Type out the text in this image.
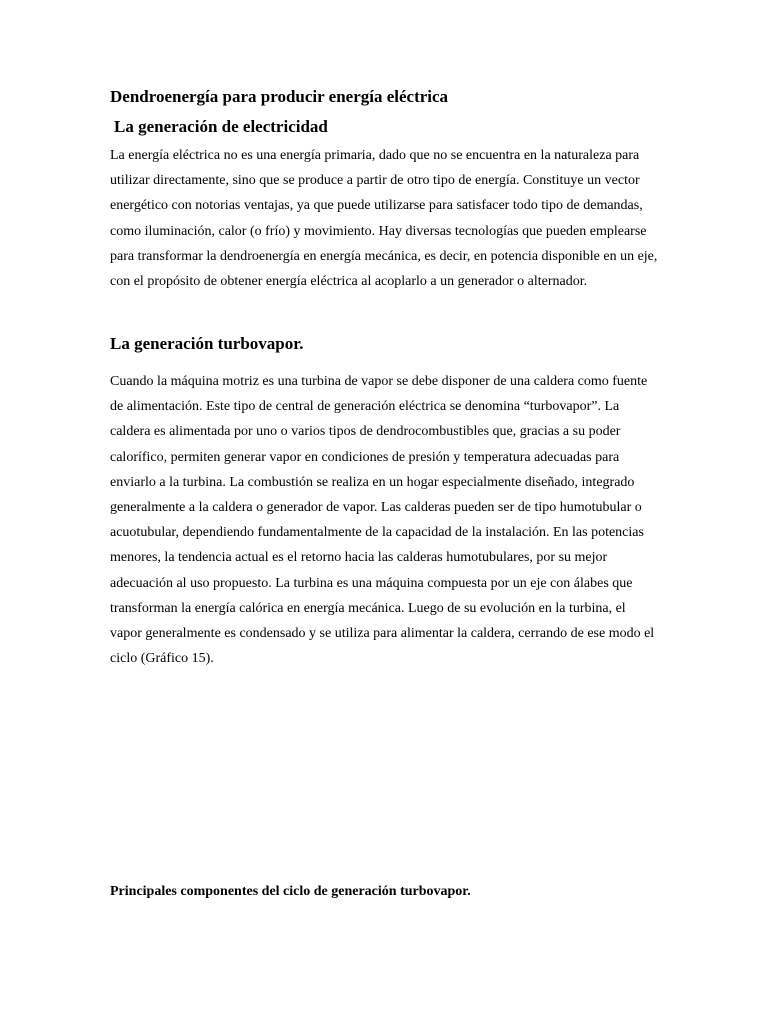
Dendroenergía para producir energía eléctrica
La generación de electricidad

La energía eléctrica no es una energía primaria, dado que no se encuentra en la naturaleza para utilizar directamente, sino que se produce a partir de otro tipo de energía. Constituye un vector energético con notorias ventajas, ya que puede utilizarse para satisfacer todo tipo de demandas, como iluminación, calor (o frío) y movimiento. Hay diversas tecnologías que pueden emplearse para transformar la dendroenergía en energía mecánica, es decir, en potencia disponible en un eje, con el propósito de obtener energía eléctrica al acoplarlo a un generador o alternador.

La generación turbovapor.

Cuando la máquina motriz es una turbina de vapor se debe disponer de una caldera como fuente de alimentación. Este tipo de central de generación eléctrica se denomina “turbovapor”. La caldera es alimentada por uno o varios tipos de dendrocombustibles que, gracias a su poder calorífico, permiten generar vapor en condiciones de presión y temperatura adecuadas para enviarlo a la turbina. La combustión se realiza en un hogar especialmente diseñado, integrado generalmente a la caldera o generador de vapor. Las calderas pueden ser de tipo humotubular o acuotubular, dependiendo fundamentalmente de la capacidad de la instalación. En las potencias menores, la tendencia actual es el retorno hacia las calderas humotubulares, por su mejor adecuación al uso propuesto. La turbina es una máquina compuesta por un eje con álabes que transforman la energía calórica en energía mecánica. Luego de su evolución en la turbina, el vapor generalmente es condensado y se utiliza para alimentar la caldera, cerrando de ese modo el ciclo (Gráfico 15).

Principales componentes del ciclo de generación turbovapor.
